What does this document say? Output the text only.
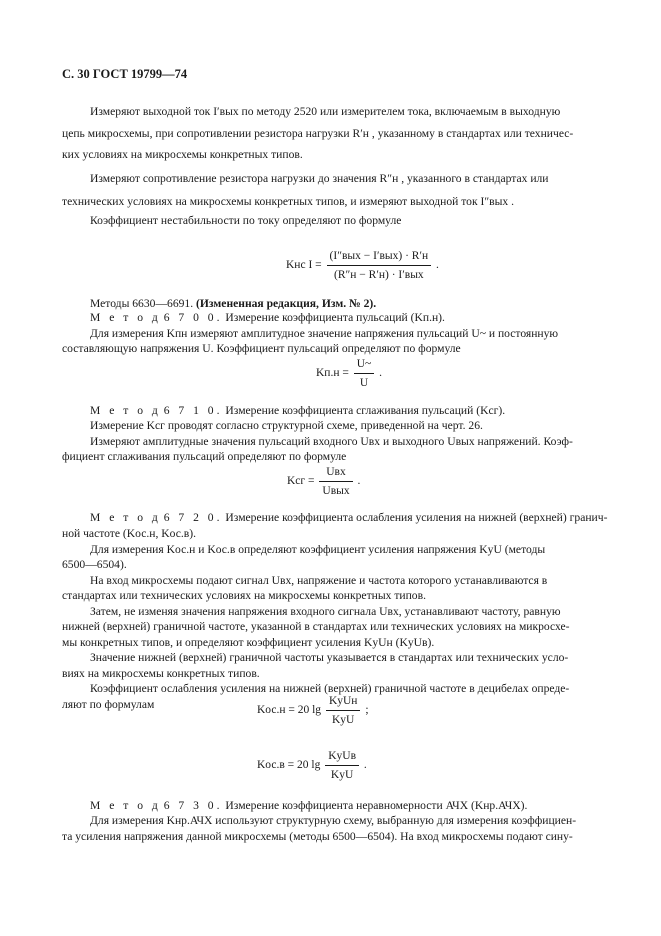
С. 30 ГОСТ 19799—74
Измеряют выходной ток I′вых по методу 2520 или измерителем тока, включаемым в выходную
цепь микросхемы, при сопротивлении резистора нагрузки R′н , указанному в стандартах или техничес-
ких условиях на микросхемы конкретных типов.
Измеряют сопротивление резистора нагрузки до значения R″н , указанного в стандартах или
технических условиях на микросхемы конкретных типов, и измеряют выходной ток I″вых .
Коэффициент нестабильности по току определяют по формуле
Kнс $I = \frac{\text{(I″вых − I′вых) · R′н}}{\text{(R″н − R′н) · I′вых}}$ .
Методы 6630—6691. (Измененная редакция, Изм. № 2).
М е т о д 6 7 0 0. Измерение коэффициента пульсаций (Kп.н).
Для измерения Kпн измеряют амплитудное значение напряжения пульсаций U~ и постоянную
составляющую напряжения U. Коэффициент пульсаций определяют по формуле
$Kп.н = \frac{U\sim}{U}$ .
М е т о д 6 7 1 0. Измерение коэффициента сглаживания пульсаций (Kсг).
Измерение Kсг проводят согласно структурной схеме, приведенной на черт. 26.
Измеряют амплитудные значения пульсаций входного Uвх и выходного Uвых напряжений. Коэф-
фициент сглаживания пульсаций определяют по формуле
Kсг = $\frac{\text{Uвх}}{\text{Uвых}}$ .
М е т о д 6 7 2 0. Измерение коэффициента ослабления усиления на нижней (верхней) гранич-
ной частоте (Kос.н, Kос.в).
Для измерения Kос.н и Kос.в определяют коэффициент усиления напряжения KyU (методы
6500—6504).
На вход микросхемы подают сигнал Uвх, напряжение и частота которого устанавливаются в
стандартах или технических условиях на микросхемы конкретных типов.
Затем, не изменяя значения напряжения входного сигнала Uвх, устанавливают частоту, равную
нижней (верхней) граничной частоте, указанной в стандартах или технических условиях на микросхе-
мы конкретных типов, и определяют коэффициент усиления KyUн (KyUв).
Значение нижней (верхней) граничной частоты указывается в стандартах или технических усло-
виях на микросхемы конкретных типов.
Коэффициент ослабления усиления на нижней (верхней) граничной частоте в децибелах опреде-
ляют по формулам	Kос.н = 20 $\lg \frac{\text{KyUн}}{\text{KyU}}$ ;
Kос.в = 20 $\lg \frac{\text{KyUв}}{\text{KyU}}$ .
М е т о д 6 7 3 0. Измерение коэффициента неравномерности АЧХ (Kнр.АЧХ).
Для измерения Kнр.АЧХ используют структурную схему, выбранную для измерения коэффициен-
та усиления напряжения данной микросхемы (методы 6500—6504). На вход микросхемы подают сину-
